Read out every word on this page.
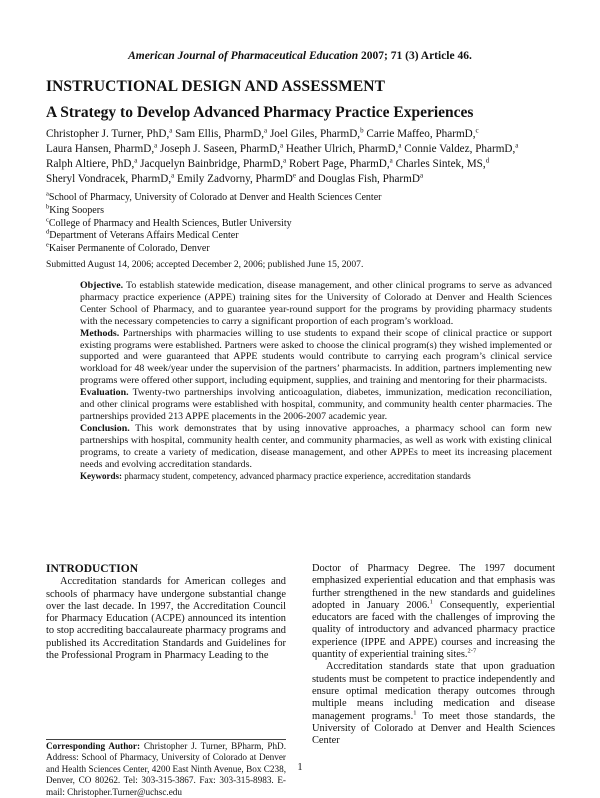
American Journal of Pharmaceutical Education 2007; 71 (3) Article 46.
INSTRUCTIONAL DESIGN AND ASSESSMENT
A Strategy to Develop Advanced Pharmacy Practice Experiences
Christopher J. Turner, PhD,$^a$ Sam Ellis, PharmD,$^a$ Joel Giles, PharmD,$^b$ Carrie Maffeo, PharmD,$^c$
Laura Hansen, PharmD,$^a$ Joseph J. Saseen, PharmD,$^a$ Heather Ulrich, PharmD,$^a$ Connie Valdez, PharmD,$^a$
Ralph Altiere, PhD,$^a$ Jacquelyn Bainbridge, PharmD,$^a$ Robert Page, PharmD,$^a$ Charles Sintek, MS,$^d$
Sheryl Vondracek, PharmD,$^a$ Emily Zadvorny, PharmD$^e$ and Douglas Fish, PharmD$^a$
$^a$School of Pharmacy, University of Colorado at Denver and Health Sciences Center
$^b$King Soopers
$^c$College of Pharmacy and Health Sciences, Butler University
$^d$Department of Veterans Affairs Medical Center
$^e$Kaiser Permanente of Colorado, Denver
Submitted August 14, 2006; accepted December 2, 2006; published June 15, 2007.

Objective. To establish statewide medication, disease management, and other clinical programs to serve as advanced pharmacy practice experience (APPE) training sites for the University of Colorado at Denver and Health Sciences Center School of Pharmacy, and to guarantee year-round support for the programs by providing pharmacy students with the necessary competencies to carry a significant proportion of each program’s workload.

Methods. Partnerships with pharmacies willing to use students to expand their scope of clinical practice or support existing programs were established. Partners were asked to choose the clinical program(s) they wished implemented or supported and were guaranteed that APPE students would contribute to carrying each program’s clinical service workload for 48 week/year under the supervision of the partners’ pharmacists. In addition, partners implementing new programs were offered other support, including equipment, supplies, and training and mentoring for their pharmacists.

Evaluation. Twenty-two partnerships involving anticoagulation, diabetes, immunization, medication reconciliation, and other clinical programs were established with hospital, community, and community health center pharmacies. The partnerships provided 213 APPE placements in the 2006-2007 academic year.

Conclusion. This work demonstrates that by using innovative approaches, a pharmacy school can form new partnerships with hospital, community health center, and community pharmacies, as well as work with existing clinical programs, to create a variety of medication, disease management, and other APPEs to meet its increasing placement needs and evolving accreditation standards.

Keywords: pharmacy student, competency, advanced pharmacy practice experience, accreditation standards

INTRODUCTION

Accreditation standards for American colleges and schools of pharmacy have undergone substantial change over the last decade. In 1997, the Accreditation Council for Pharmacy Education (ACPE) announced its intention to stop accrediting baccalaureate pharmacy programs and published its Accreditation Standards and Guidelines for the Professional Program in Pharmacy Leading to the

Corresponding Author: Christopher J. Turner, BPharm, PhD. Address: School of Pharmacy, University of Colorado at Denver and Health Sciences Center, 4200 East Ninth Avenue, Box C238, Denver, CO 80262. Tel: 303-315-3867. Fax: 303-315-8983. E-mail: Christopher.Turner@uchsc.edu

Doctor of Pharmacy Degree. The 1997 document emphasized experiential education and that emphasis was further strengthened in the new standards and guidelines adopted in January 2006.$^1$ Consequently, experiential educators are faced with the challenges of improving the quality of introductory and advanced pharmacy practice experience (IPPE and APPE) courses and increasing the quantity of experiential training sites.$^{2-7}$

Accreditation standards state that upon graduation students must be competent to practice independently and ensure optimal medication therapy outcomes through multiple means including medication and disease management programs.$^1$ To meet those standards, the University of Colorado at Denver and Health Sciences Center

1
